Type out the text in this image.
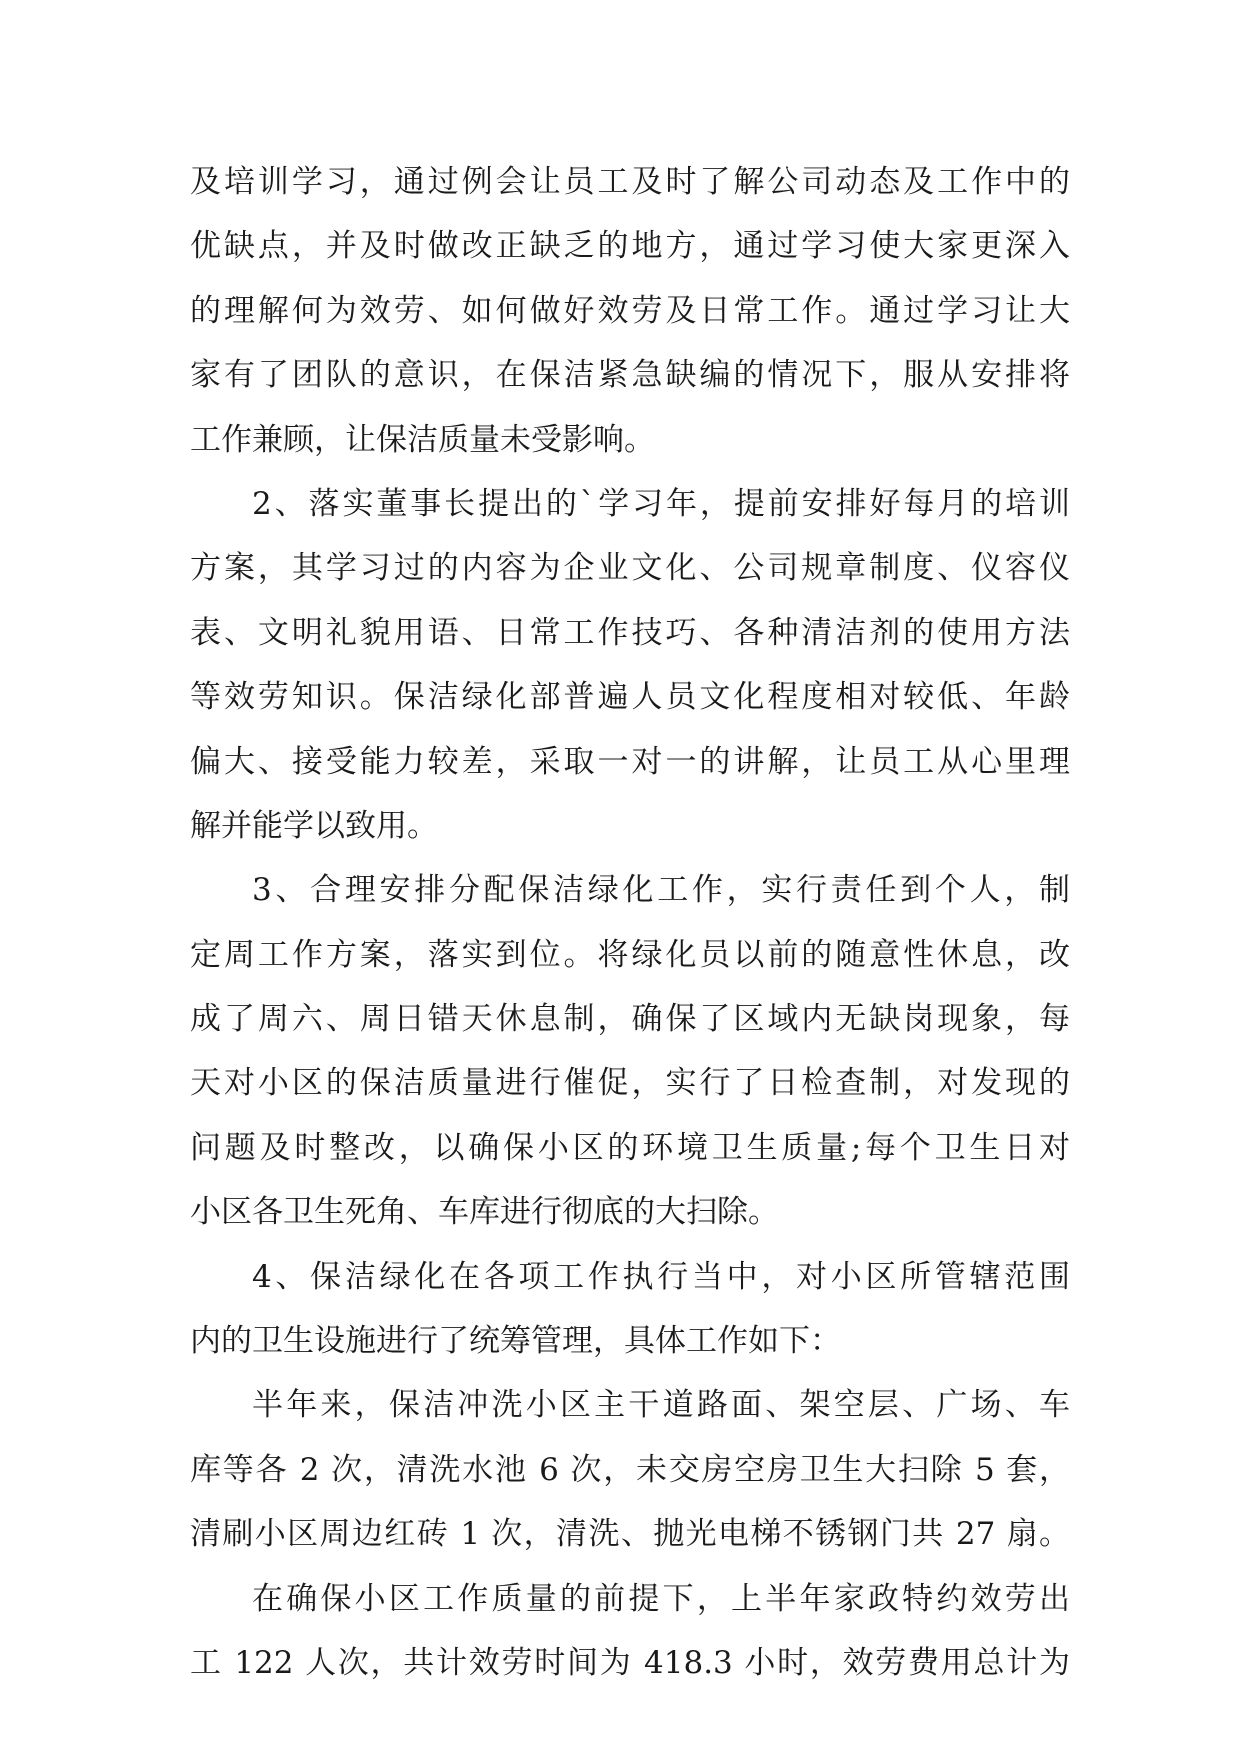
及培训学习，通过例会让员工及时了解公司动态及工作中的
优缺点，并及时做改正缺乏的地方，通过学习使大家更深入
的理解何为效劳、如何做好效劳及日常工作。通过学习让大
家有了团队的意识，在保洁紧急缺编的情况下，服从安排将
工作兼顾，让保洁质量未受影响。
2、落实董事长提出的`学习年，提前安排好每月的培训
方案，其学习过的内容为企业文化、公司规章制度、仪容仪
表、文明礼貌用语、日常工作技巧、各种清洁剂的使用方法
等效劳知识。保洁绿化部普遍人员文化程度相对较低、年龄
偏大、接受能力较差，采取一对一的讲解，让员工从心里理
解并能学以致用。
3、合理安排分配保洁绿化工作，实行责任到个人，制
定周工作方案，落实到位。将绿化员以前的随意性休息，改
成了周六、周日错天休息制，确保了区域内无缺岗现象，每
天对小区的保洁质量进行催促，实行了日检查制，对发现的
问题及时整改，以确保小区的环境卫生质量;每个卫生日对
小区各卫生死角、车库进行彻底的大扫除。
4、保洁绿化在各项工作执行当中，对小区所管辖范围
内的卫生设施进行了统筹管理，具体工作如下：
半年来，保洁冲洗小区主干道路面、架空层、广场、车
库等各 2 次，清洗水池 6 次，未交房空房卫生大扫除 5 套，
清刷小区周边红砖 1 次，清洗、抛光电梯不锈钢门共 27 扇。
在确保小区工作质量的前提下，上半年家政特约效劳出
工 122 人次，共计效劳时间为 418.3 小时，效劳费用总计为
